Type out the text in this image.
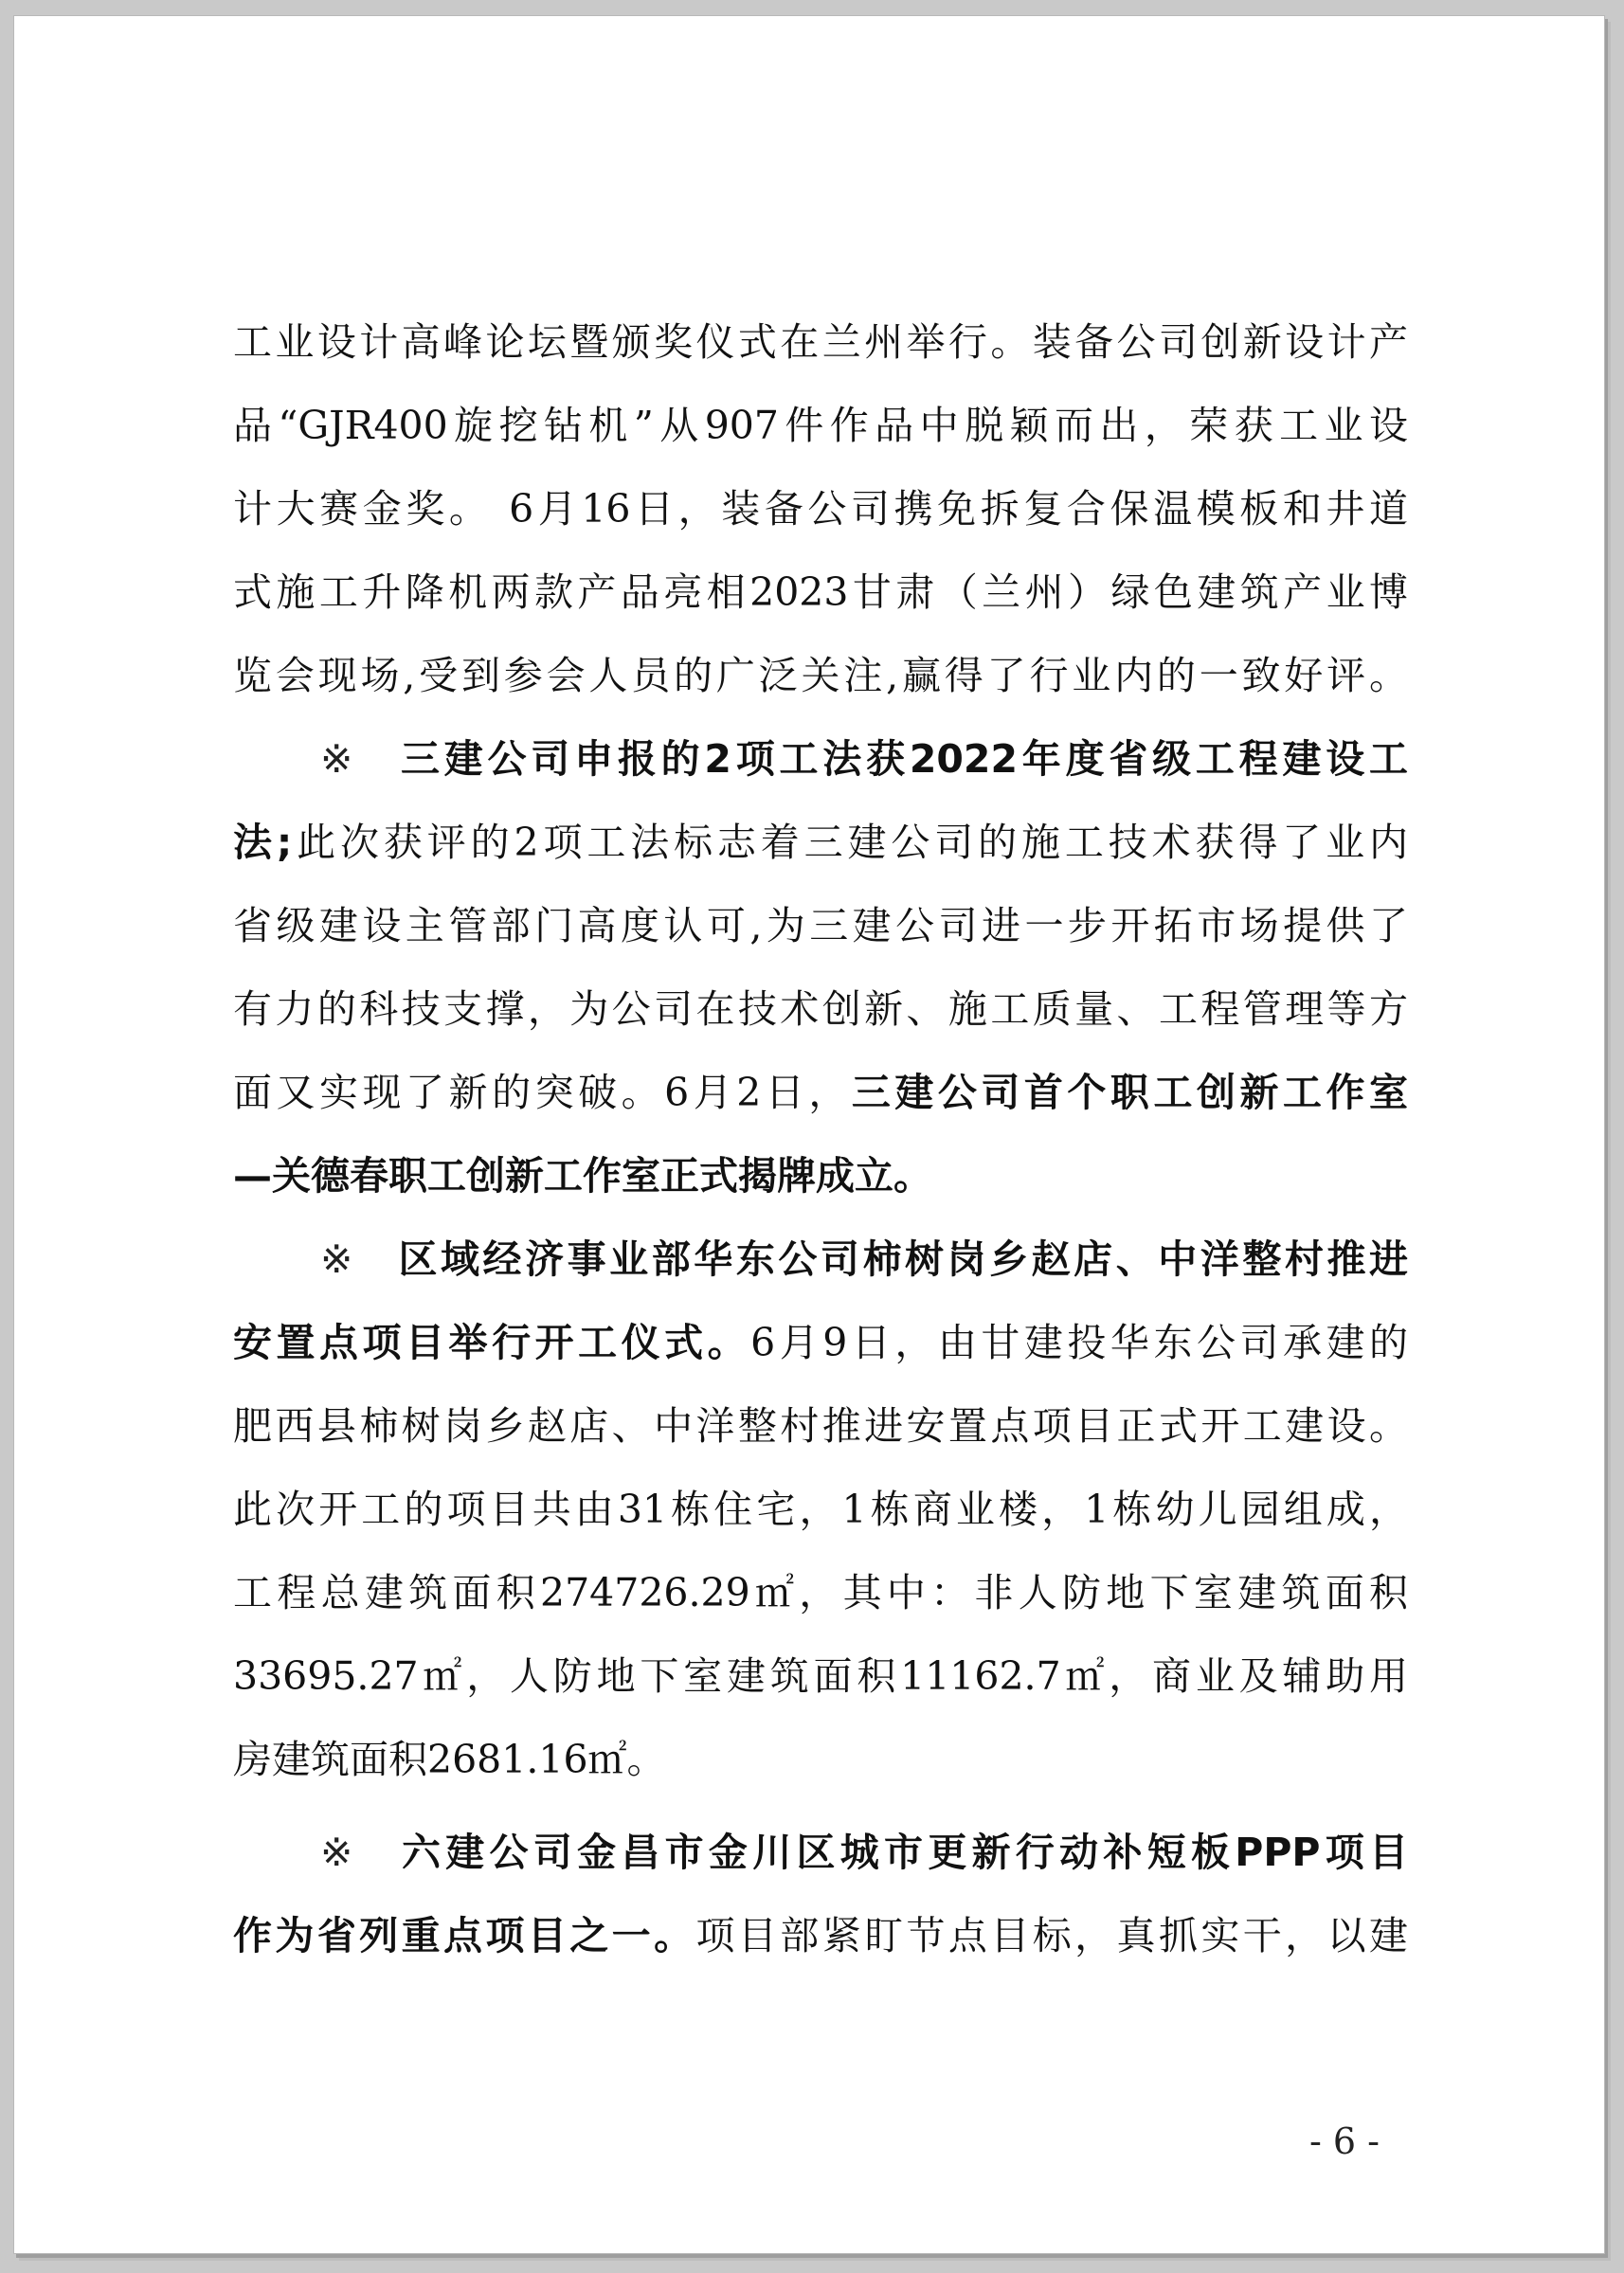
工业设计高峰论坛暨颁奖仪式在兰州举行。装备公司创新设计产
品“GJR400旋挖钻机”从907件作品中脱颖而出，荣获工业设
计大赛金奖。 6月16日，装备公司携免拆复合保温模板和井道
式施工升降机两款产品亮相2023甘肃（兰州）绿色建筑产业博
览会现场,受到参会人员的广泛关注,赢得了行业内的一致好评。
※　 三建公司申报的2项工法获2022年度省级工程建设工
法;此次获评的2项工法标志着三建公司的施工技术获得了业内
省级建设主管部门高度认可,为三建公司进一步开拓市场提供了
有力的科技支撑，为公司在技术创新、施工质量、工程管理等方
面又实现了新的突破。6月2日，三建公司首个职工创新工作室
—关德春职工创新工作室正式揭牌成立。
※　 区域经济事业部华东公司柿树岗乡赵店、中洋整村推进
安置点项目举行开工仪式。6月9日，由甘建投华东公司承建的
肥西县柿树岗乡赵店、中洋整村推进安置点项目正式开工建设。
此次开工的项目共由31栋住宅，1栋商业楼，1栋幼儿园组成，
工程总建筑面积274726.29㎡，其中：非人防地下室建筑面积
33695.27㎡，人防地下室建筑面积11162.7㎡，商业及辅助用
房建筑面积2681.16㎡。
※　 六建公司金昌市金川区城市更新行动补短板PPP项目
作为省列重点项目之一。项目部紧盯节点目标，真抓实干，以建
- 6 -
